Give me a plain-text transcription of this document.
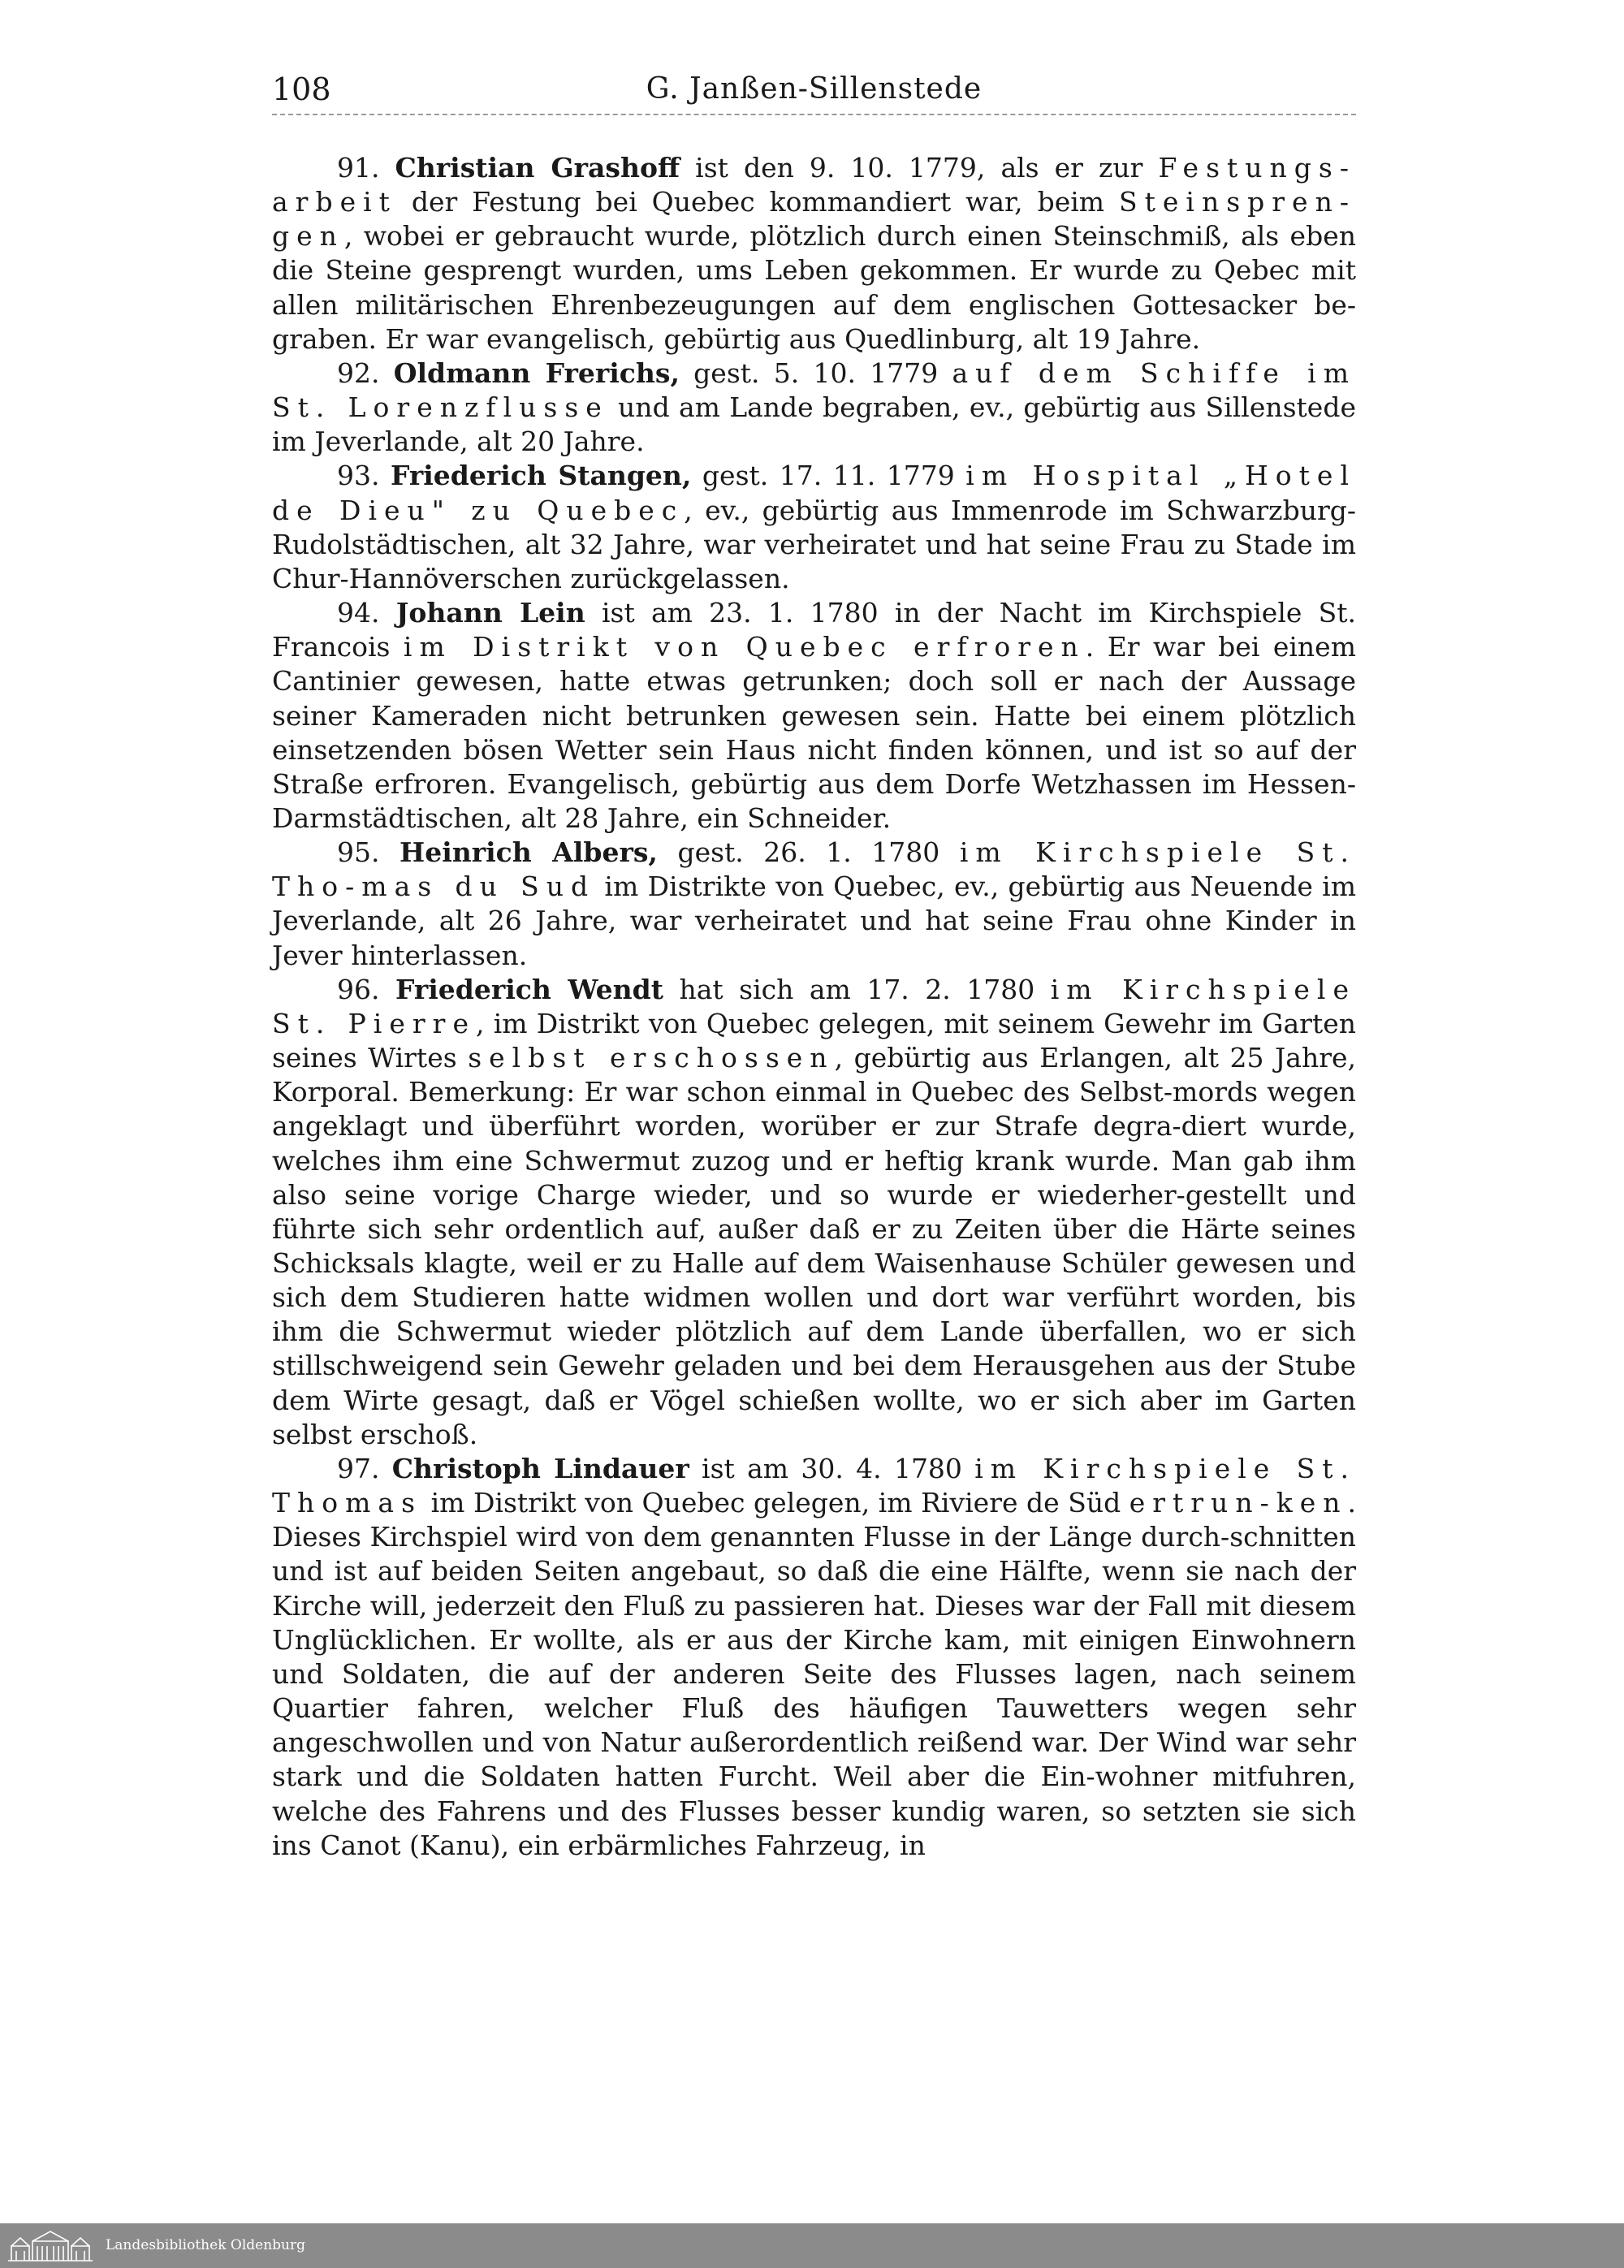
108	G. Janßen-Sillenstede

91. Christian Grashoff ist den 9. 10. 1779, als er zur Festungs-arbeit der Festung bei Quebec kommandiert war, beim Steinspren-gen, wobei er gebraucht wurde, plötzlich durch einen Steinschmiß, als eben die Steine gesprengt wurden, ums Leben gekommen. Er wurde zu Qebec mit allen militärischen Ehrenbezeugungen auf dem englischen Gottesacker be-graben. Er war evangelisch, gebürtig aus Quedlinburg, alt 19 Jahre.

92. Oldmann Frerichs, gest. 5. 10. 1779 auf dem Schiffe im St. Lorenzflusse und am Lande begraben, ev., gebürtig aus Sillenstede im Jeverlande, alt 20 Jahre.

93. Friederich Stangen, gest. 17. 11. 1779 im Hospital „Hotel de Dieu" zu Quebec, ev., gebürtig aus Immenrode im Schwarzburg-Rudolstädtischen, alt 32 Jahre, war verheiratet und hat seine Frau zu Stade im Chur-Hannöverschen zurückgelassen.

94. Johann Lein ist am 23. 1. 1780 in der Nacht im Kirchspiele St. Francois im Distrikt von Quebec erfroren. Er war bei einem Cantinier gewesen, hatte etwas getrunken; doch soll er nach der Aussage seiner Kameraden nicht betrunken gewesen sein. Hatte bei einem plötzlich einsetzenden bösen Wetter sein Haus nicht finden können, und ist so auf der Straße erfroren. Evangelisch, gebürtig aus dem Dorfe Wetzhassen im Hessen-Darmstädtischen, alt 28 Jahre, ein Schneider.

95. Heinrich Albers, gest. 26. 1. 1780 im Kirchspiele St. Tho-mas du Sud im Distrikte von Quebec, ev., gebürtig aus Neuende im Jeverlande, alt 26 Jahre, war verheiratet und hat seine Frau ohne Kinder in Jever hinterlassen.

96. Friederich Wendt hat sich am 17. 2. 1780 im Kirchspiele St. Pierre, im Distrikt von Quebec gelegen, mit seinem Gewehr im Garten seines Wirtes selbst erschossen, gebürtig aus Erlangen, alt 25 Jahre, Korporal. Bemerkung: Er war schon einmal in Quebec des Selbst-mords wegen angeklagt und überführt worden, worüber er zur Strafe degra-diert wurde, welches ihm eine Schwermut zuzog und er heftig krank wurde. Man gab ihm also seine vorige Charge wieder, und so wurde er wiederher-gestellt und führte sich sehr ordentlich auf, außer daß er zu Zeiten über die Härte seines Schicksals klagte, weil er zu Halle auf dem Waisenhause Schüler gewesen und sich dem Studieren hatte widmen wollen und dort war verführt worden, bis ihm die Schwermut wieder plötzlich auf dem Lande überfallen, wo er sich stillschweigend sein Gewehr geladen und bei dem Herausgehen aus der Stube dem Wirte gesagt, daß er Vögel schießen wollte, wo er sich aber im Garten selbst erschoß.

97. Christoph Lindauer ist am 30. 4. 1780 im Kirchspiele St. Thomas im Distrikt von Quebec gelegen, im Riviere de Süd ertrun-ken. Dieses Kirchspiel wird von dem genannten Flusse in der Länge durch-schnitten und ist auf beiden Seiten angebaut, so daß die eine Hälfte, wenn sie nach der Kirche will, jederzeit den Fluß zu passieren hat. Dieses war der Fall mit diesem Unglücklichen. Er wollte, als er aus der Kirche kam, mit einigen Einwohnern und Soldaten, die auf der anderen Seite des Flusses lagen, nach seinem Quartier fahren, welcher Fluß des häufigen Tauwetters wegen sehr angeschwollen und von Natur außerordentlich reißend war. Der Wind war sehr stark und die Soldaten hatten Furcht. Weil aber die Ein-wohner mitfuhren, welche des Fahrens und des Flusses besser kundig waren, so setzten sie sich ins Canot (Kanu), ein erbärmliches Fahrzeug, in

Landesbibliothek Oldenburg
